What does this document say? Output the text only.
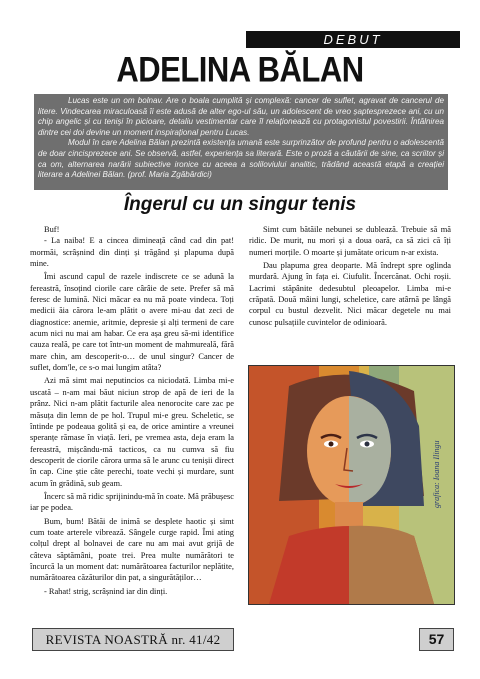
DEBUT
ADELINA BĂLAN

Lucas este un om bolnav. Are o boala cumplită și complexă: cancer de suflet, agravat de cancerul de litere. Vindecarea miraculoasă îi este adusă de alter ego-ul său, un adolescent de vreo șaptesprezece ani, cu un chip angelic și cu tenişi în picioare, detaliu vestimentar care îl relaționează cu protagonistul povestirii. Întâlnirea dintre cei doi devine un moment inspirațional pentru Lucas.

Modul în care Adelina Bălan prezintă existența umană este surprinzător de profund pentru o adolescentă de doar cincisprezece ani. Se observă, astfel, experiența sa literară. Este o proză a căutării de sine, ca scriitor și ca om, alternarea narării subiective ironice cu aceea a soliloviului analitic, trădând această etapă a creației literare a Adelinei Bălan. (prof. Maria Zgăbârdici)

Îngerul cu un singur tenis

Buf!

- La naiba! E a cincea dimineață când cad din pat! mormăi, scrâșnind din dinți și trăgând și plapuma după mine.

Îmi ascund capul de razele indiscrete ce se adună la fereastră, însoțind ciorile care cârâie de sete. Prefer să mă feresc de lumină. Nici măcar ea nu mă poate vindeca. Toți medicii ăia cărora le-am plătit o avere mi-au dat zeci de diagnostice: anemie, aritmie, depresie și alți termeni de care acum nici nu mai am habar. Ce era așa greu să-mi identifice cauza reală, pe care tot într-un moment de mahmureală, fără mare chin, am descoperit-o… de unul singur? Cancer de suflet, dom'le, ce s-o mai lungim atâta?

Azi mă simt mai neputincios ca niciodată. Limba mi-e uscată – n-am mai băut niciun strop de apă de ieri de la prânz. Nici n-am plătit facturile alea nenorocite care zac pe măsuța din lemn de pe hol. Trupul mi-e greu. Scheletic, se întinde pe podeaua golită și ea, de orice amintire a vreunei speranțe rămase în viață. Ieri, pe vremea asta, deja eram la fereastră, mișcându-mă tacticos, ca nu cumva să fiu descoperit de ciorile cărora urma să le arunc cu tenișii direct în cap. Cine știe câte perechi, toate vechi și murdare, sunt acum în grădină, sub geam.

Încerc să mă ridic sprijinindu-mă în coate. Mă prăbușesc iar pe podea.

Bum, bum! Bătăi de inimă se desplete haotic și simt cum toate arterele vibrează. Sângele curge rapid. Îmi ating colțul drept al bolnavei de care nu am mai avut grijă de câteva săptămâni, poate trei. Prea multe numărători te încurcă la un moment dat: numărătoarea facturilor neplătite, numărătoarea căzăturilor din pat, a singurătăților…

- Rahat! strig, scrâșnind iar din dinți.

Simt cum bătăile nebunei se dublează. Trebuie să mă ridic. De murit, nu mori și a doua oară, ca să zici că îți numeri morțile. O moarte și jumătate oricum n-ar exista.

Dau plapuma grea deoparte. Mă îndrept spre oglinda murdară. Ajung în fața ei. Ciufulit. Încercănat. Ochi roșii. Lacrimi stăpânite dedesubtul pleoapelor. Limba mi-e crăpată. Două mâini lungi, scheletice, care atârnă pe lângă corpul cu bustul dezvelit. Nici măcar degetele nu mai cunosc pulsațiile cuvintelor de odinioară.

grafica: Ioana Ilingu
REVISTA NOASTRĂ nr. 41/42	57
